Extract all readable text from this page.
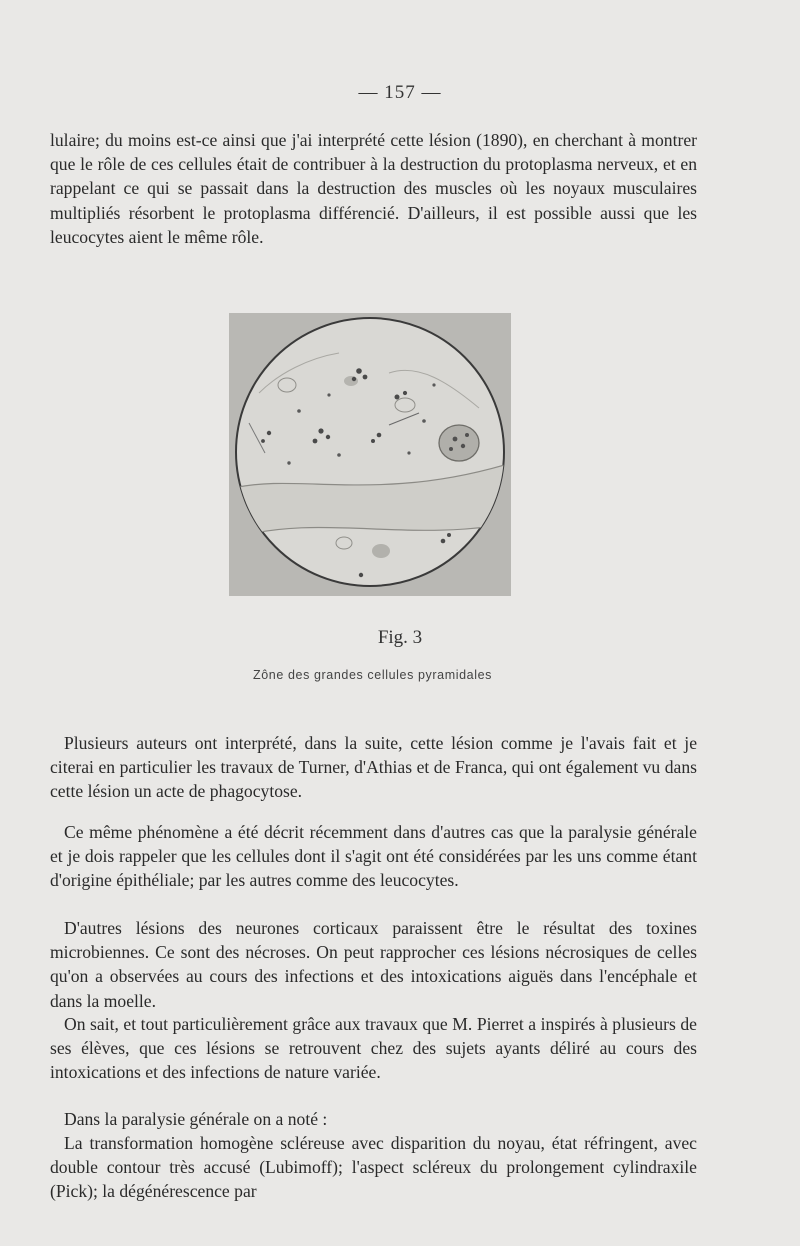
— 157 —

lulaire; du moins est-ce ainsi que j'ai interprété cette lésion (1890), en cherchant à montrer que le rôle de ces cellules était de contribuer à la destruction du protoplasma nerveux, et en rappelant ce qui se passait dans la destruction des muscles où les noyaux musculaires multipliés résorbent le protoplasma différencié. D'ailleurs, il est possible aussi que les leucocytes aient le même rôle.

Fig. 3
Zône des grandes cellules pyramidales

Plusieurs auteurs ont interprété, dans la suite, cette lésion comme je l'avais fait et je citerai en particulier les travaux de Turner, d'Athias et de Franca, qui ont également vu dans cette lésion un acte de phagocytose.

Ce même phénomène a été décrit récemment dans d'autres cas que la paralysie générale et je dois rappeler que les cellules dont il s'agit ont été considérées par les uns comme étant d'origine épithéliale; par les autres comme des leucocytes.

D'autres lésions des neurones corticaux paraissent être le résultat des toxines microbiennes. Ce sont des nécroses. On peut rapprocher ces lésions nécrosiques de celles qu'on a observées au cours des infections et des intoxications aiguës dans l'encéphale et dans la moelle.

On sait, et tout particulièrement grâce aux travaux que M. Pierret a inspirés à plusieurs de ses élèves, que ces lésions se retrouvent chez des sujets ayants déliré au cours des intoxications et des infections de nature variée.

Dans la paralysie générale on a noté :

La transformation homogène scléreuse avec disparition du noyau, état réfringent, avec double contour très accusé (Lubimoff); l'aspect scléreux du prolongement cylindraxile (Pick); la dégénérescence par
